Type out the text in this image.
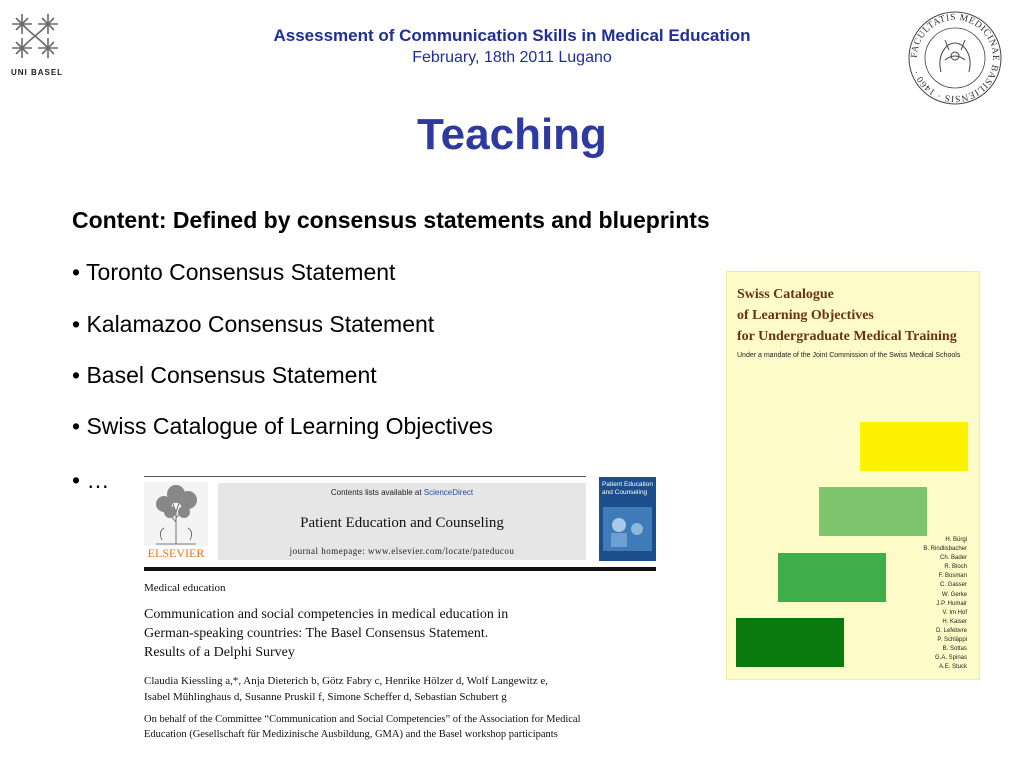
UNI BASEL
FACULTATIS MEDICINAE BASILIENSIS · 1460 ·
Assessment of Communication Skills in Medical Education
February, 18th 2011 Lugano
Teaching
Content: Defined by consensus statements and blueprints
• Toronto Consensus Statement
• Kalamazoo Consensus Statement
• Basel Consensus Statement
• Swiss Catalogue of Learning Objectives
• …
Swiss Catalogue
of Learning Objectives
for Undergraduate Medical Training
Under a mandate of the Joint Commission of the Swiss Medical Schools
H. Bürgi
B. Rindlisbacher
Ch. Bader
R. Bloch
F. Bosman
C. Gasser
W. Gerke
J.P. Humair
V. Im Hof
H. Kaiser
D. Lefebvre
P. Schläppi
B. Sottas
G.A. Spinas
A.E. Stuck
ELSEVIER
Contents lists available at ScienceDirect
Patient Education and Counseling
journal homepage: www.elsevier.com/locate/pateducou
Patient Education and Counseling
Medical education
Communication and social competencies in medical education in
German-speaking countries: The Basel Consensus Statement.
Results of a Delphi Survey
Claudia Kiessling a,*, Anja Dieterich b, Götz Fabry c, Henrike Hölzer d, Wolf Langewitz e,
Isabel Mühlinghaus d, Susanne Pruskil f, Simone Scheffer d, Sebastian Schubert g
On behalf of the Committee “Communication and Social Competencies” of the Association for Medical
Education (Gesellschaft für Medizinische Ausbildung, GMA) and the Basel workshop participants
